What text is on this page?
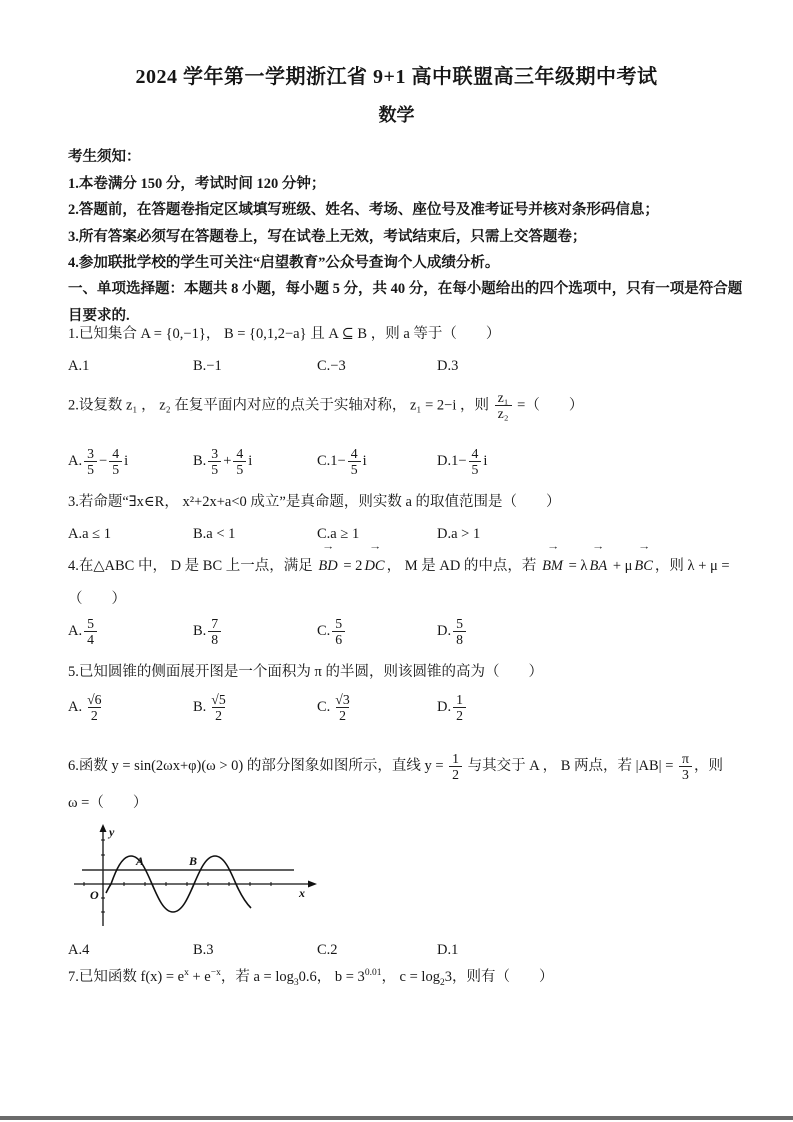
2024 学年第一学期浙江省 9+1 高中联盟高三年级期中考试
数学
考生须知：
1.本卷满分 150 分，考试时间 120 分钟；
2.答题前，在答题卷指定区域填写班级、姓名、考场、座位号及准考证号并核对条形码信息；
3.所有答案必须写在答题卷上，写在试卷上无效，考试结束后，只需上交答题卷；
4.参加联批学校的学生可关注“启望教育”公众号查询个人成绩分析。
一、单项选择题：本题共 8 小题，每小题 5 分，共 40 分，在每小题给出的四个选项中，只有一项是符合题目要求的.
1.已知集合 A = {0,−1}， B = {0,1,2−a} 且 A ⊆ B ，则 a 等于（　　）
A.1	B.−1	C.−3	D.3
2.设复数 z₁ ， z₂ 在复平面内对应的点关于实轴对称， z₁ = 2−i ，则 $\frac{\text{z₁}}{\text{z₂}}$ =（　　）
A. $\frac{3}{5} - \frac{4}{5}$ i	B. $\frac{3}{5} + \frac{4}{5}$ i	$C.1- \frac{4}{5}$ i	$D.1- \frac{4}{5}$ i
3.若命题“∃x∈R， x²+2x+a<0 成立”是真命题，则实数 a 的取值范围是（　　）
A.a ≤ 1	B.a < 1	C.a ≥ 1	D.a > 1
4.在△ABC 中， D 是 BC 上一点，满足
→
BD = 2
→
DC ， M 是 AD 的中点，若
→
BM = λ
→
BA + μ
→
BC ，则 λ + μ =
（　　）
A. $\frac{5}{4}$	B. $\frac{7}{8}$	C. $\frac{5}{6}$	D. $\frac{5}{8}$
5.已知圆锥的侧面展开图是一个面积为 π 的半圆，则该圆锥的高为（　　）
A. $\frac{√6}{2}$	B. $\frac{√5}{2}$	C. $\frac{√3}{2}$	D. $\frac{1}{2}$
6.函数 y = sin(2ωx+φ)(ω > 0) 的部分图象如图所示，直线 $y = \frac{1}{2}$ 与其交于 A ， B 两点，若 $|AB| = \frac{\pi}{3}$ ，则
ω =（　　）
y
x
O
A	B
A.4	B.3	C.2	D.1
7.已知函数 $f(x) = e^x + e^{-x}$，若 $a = \log_30.6$， $b = 3^{0.01}$， $c = \log_23$，则有（　　）
